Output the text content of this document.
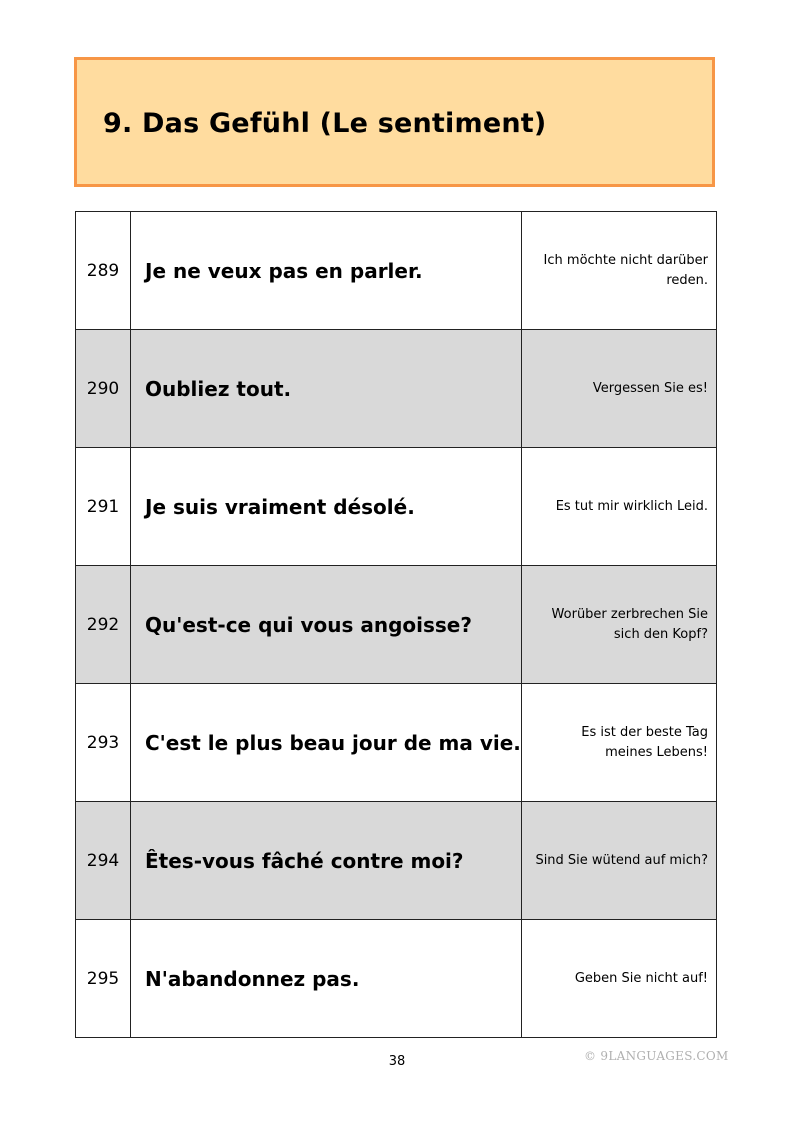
9. Das Gefühl (Le sentiment)
289	Je ne veux pas en parler.	Ich möchte nicht darüber reden.
290	Oubliez tout.	Vergessen Sie es!
291	Je suis vraiment désolé.	Es tut mir wirklich Leid.
292	Qu'est-ce qui vous angoisse?	Worüber zerbrechen Sie sich den Kopf?
293	C'est le plus beau jour de ma vie.	Es ist der beste Tag meines Lebens!
294	Êtes-vous fâché contre moi?	Sind Sie wütend auf mich?
295	N'abandonnez pas.	Geben Sie nicht auf!
38	© 9LANGUAGES.COM
